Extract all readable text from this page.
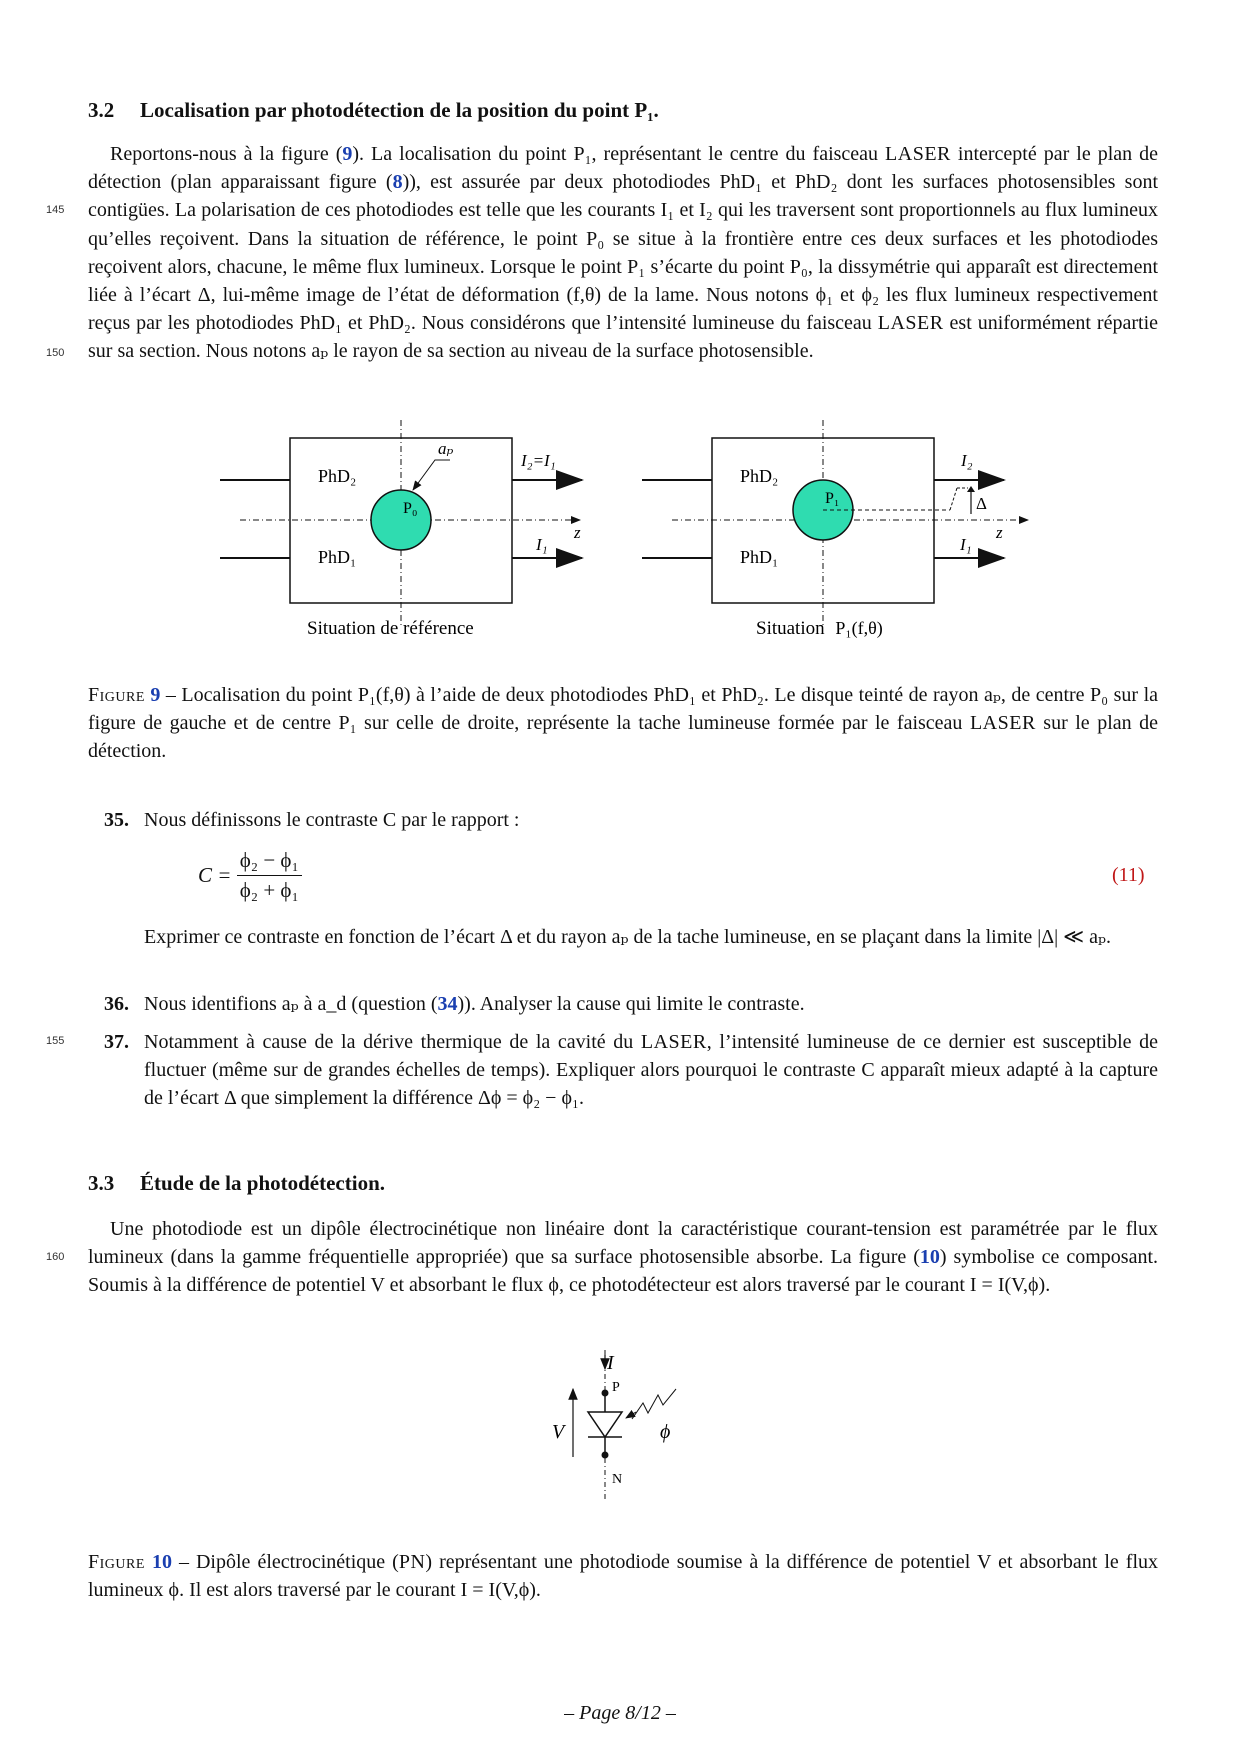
3.2 Localisation par photodétection de la position du point P₁.

Reportons-nous à la figure (9). La localisation du point P₁, représentant le centre du faisceau LASER intercepté par le plan de détection (plan apparaissant figure (8)), est assurée par deux photodiodes PhD₁ et PhD₂ dont les surfaces photosensibles sont contigües. La polarisation de ces photodiodes est telle que les courants I₁ et I₂ qui les traversent sont proportionnels au flux lumineux qu’elles reçoivent. Dans la situation de référence, le point P₀ se situe à la frontière entre ces deux surfaces et les photodiodes reçoivent alors, chacune, le même flux lumineux. Lorsque le point P₁ s’écarte du point P₀, la dissymétrie qui apparaît est directement liée à l’écart Δ, lui-même image de l’état de déformation (f,θ) de la lame. Nous notons ϕ₁ et ϕ₂ les flux lumineux respectivement reçus par les photodiodes PhD₁ et PhD₂. Nous considérons que l’intensité lumineuse du faisceau LASER est uniformément répartie sur sa section. Nous notons aₚ le rayon de sa section au niveau de la surface photosensible.

145
150
PhD₂
PhD₁
P₀
aₚ
I₂=I₁
I₁
z
Situation de référence
PhD₂
PhD₁
P₁
I₂
Δ
I₁
z
Situation P₁(f,θ)
Figure 9 – Localisation du point P₁(f,θ) à l’aide de deux photodiodes PhD₁ et PhD₂. Le disque teinté de rayon aₚ, de centre P₀ sur la figure de gauche et de centre P₁ sur celle de droite, représente la tache lumineuse formée par le faisceau LASER sur le plan de détection.
35. Nous définissons le contraste C par le rapport :
$C = \frac{\text{ϕ₂ − ϕ₁}}{\text{ϕ₂ + ϕ₁}}$	(11)
Exprimer ce contraste en fonction de l’écart Δ et du rayon aₚ de la tache lumineuse, en se plaçant dans la limite |Δ| ≪ aₚ.
36. Nous identifions aₚ à a_d (question (34)). Analyser la cause qui limite le contraste.
37. Notamment à cause de la dérive thermique de la cavité du LASER, l’intensité lumineuse de ce dernier est susceptible de fluctuer (même sur de grandes échelles de temps). Expliquer alors pourquoi le contraste C apparaît mieux adapté à la capture de l’écart Δ que simplement la différence Δϕ = ϕ₂ − ϕ₁.
155
3.3 Étude de la photodétection.

Une photodiode est un dipôle électrocinétique non linéaire dont la caractéristique courant-tension est paramétrée par le flux lumineux (dans la gamme fréquentielle appropriée) que sa surface photosensible absorbe. La figure (10) symbolise ce composant. Soumis à la différence de potentiel V et absorbant le flux ϕ, ce photodétecteur est alors traversé par le courant I = I(V,ϕ).

160
I
P
N
V	ϕ
Figure 10 – Dipôle électrocinétique (PN) représentant une photodiode soumise à la différence de potentiel V et absorbant le flux lumineux ϕ. Il est alors traversé par le courant I = I(V,ϕ).
– Page 8/12 –
